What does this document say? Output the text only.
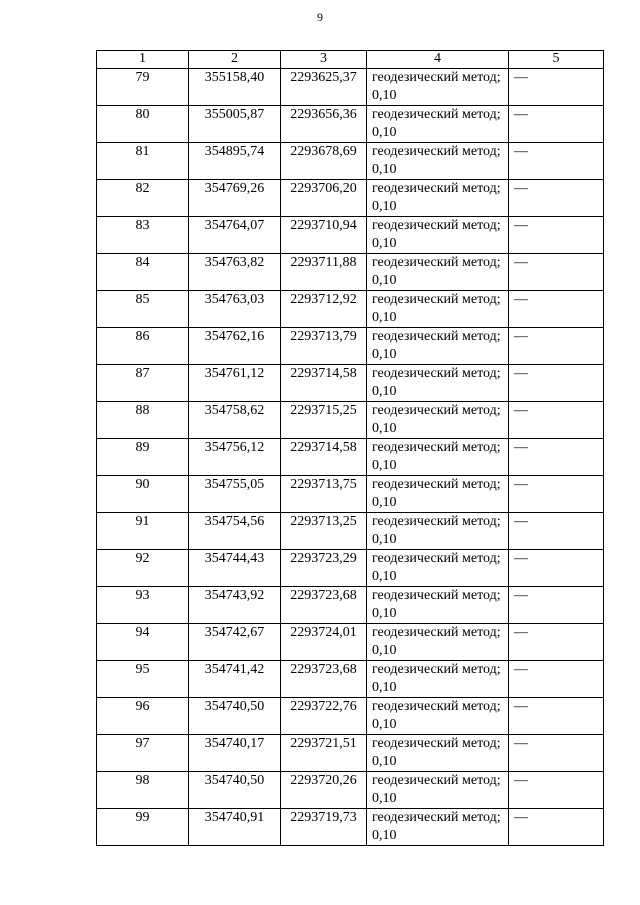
9
1	2	3	4	5
79	355158,40	2293625,37	геодезический метод; 0,10	—
80	355005,87	2293656,36	геодезический метод; 0,10	—
81	354895,74	2293678,69	геодезический метод; 0,10	—
82	354769,26	2293706,20	геодезический метод; 0,10	—
83	354764,07	2293710,94	геодезический метод; 0,10	—
84	354763,82	2293711,88	геодезический метод; 0,10	—
85	354763,03	2293712,92	геодезический метод; 0,10	—
86	354762,16	2293713,79	геодезический метод; 0,10	—
87	354761,12	2293714,58	геодезический метод; 0,10	—
88	354758,62	2293715,25	геодезический метод; 0,10	—
89	354756,12	2293714,58	геодезический метод; 0,10	—
90	354755,05	2293713,75	геодезический метод; 0,10	—
91	354754,56	2293713,25	геодезический метод; 0,10	—
92	354744,43	2293723,29	геодезический метод; 0,10	—
93	354743,92	2293723,68	геодезический метод; 0,10	—
94	354742,67	2293724,01	геодезический метод; 0,10	—
95	354741,42	2293723,68	геодезический метод; 0,10	—
96	354740,50	2293722,76	геодезический метод; 0,10	—
97	354740,17	2293721,51	геодезический метод; 0,10	—
98	354740,50	2293720,26	геодезический метод; 0,10	—
99	354740,91	2293719,73	геодезический метод; 0,10	—
